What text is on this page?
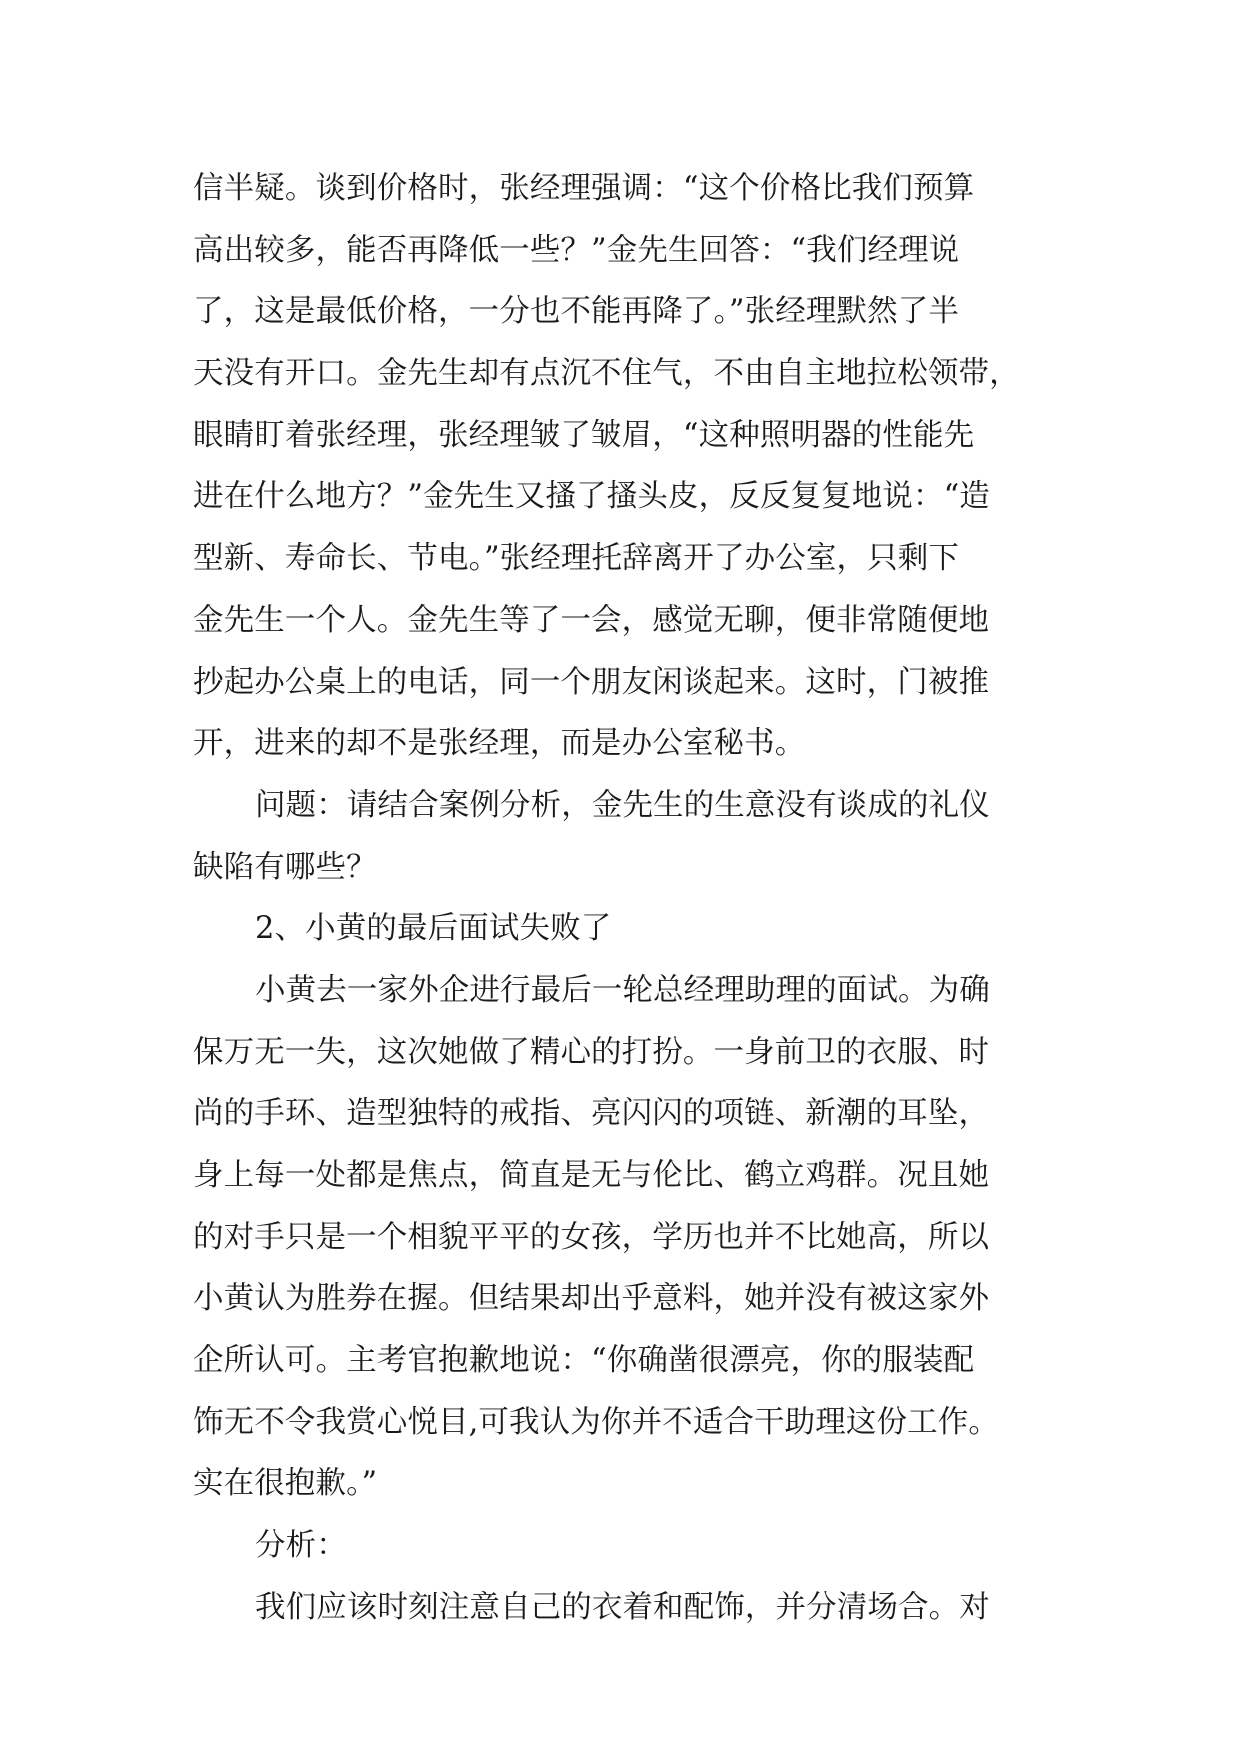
信半疑。谈到价格时，张经理强调：“这个价格比我们预算
高出较多，能否再降低一些？”金先生回答：“我们经理说
了，这是最低价格，一分也不能再降了。”张经理默然了半
天没有开口。金先生却有点沉不住气，不由自主地拉松领带，
眼睛盯着张经理，张经理皱了皱眉，“这种照明器的性能先
进在什么地方？”金先生又搔了搔头皮，反反复复地说：“造
型新、寿命长、节电。”张经理托辞离开了办公室，只剩下
金先生一个人。金先生等了一会，感觉无聊，便非常随便地
抄起办公桌上的电话，同一个朋友闲谈起来。这时，门被推
开，进来的却不是张经理，而是办公室秘书。
问题：请结合案例分析，金先生的生意没有谈成的礼仪
缺陷有哪些？
2、小黄的最后面试失败了
小黄去一家外企进行最后一轮总经理助理的面试。为确
保万无一失，这次她做了精心的打扮。一身前卫的衣服、时
尚的手环、造型独特的戒指、亮闪闪的项链、新潮的耳坠，
身上每一处都是焦点，简直是无与伦比、鹤立鸡群。况且她
的对手只是一个相貌平平的女孩，学历也并不比她高，所以
小黄认为胜券在握。但结果却出乎意料，她并没有被这家外
企所认可。主考官抱歉地说：“你确凿很漂亮，你的服装配
饰无不令我赏心悦目,可我认为你并不适合干助理这份工作。
实在很抱歉。”
分析：
我们应该时刻注意自己的衣着和配饰，并分清场合。对
